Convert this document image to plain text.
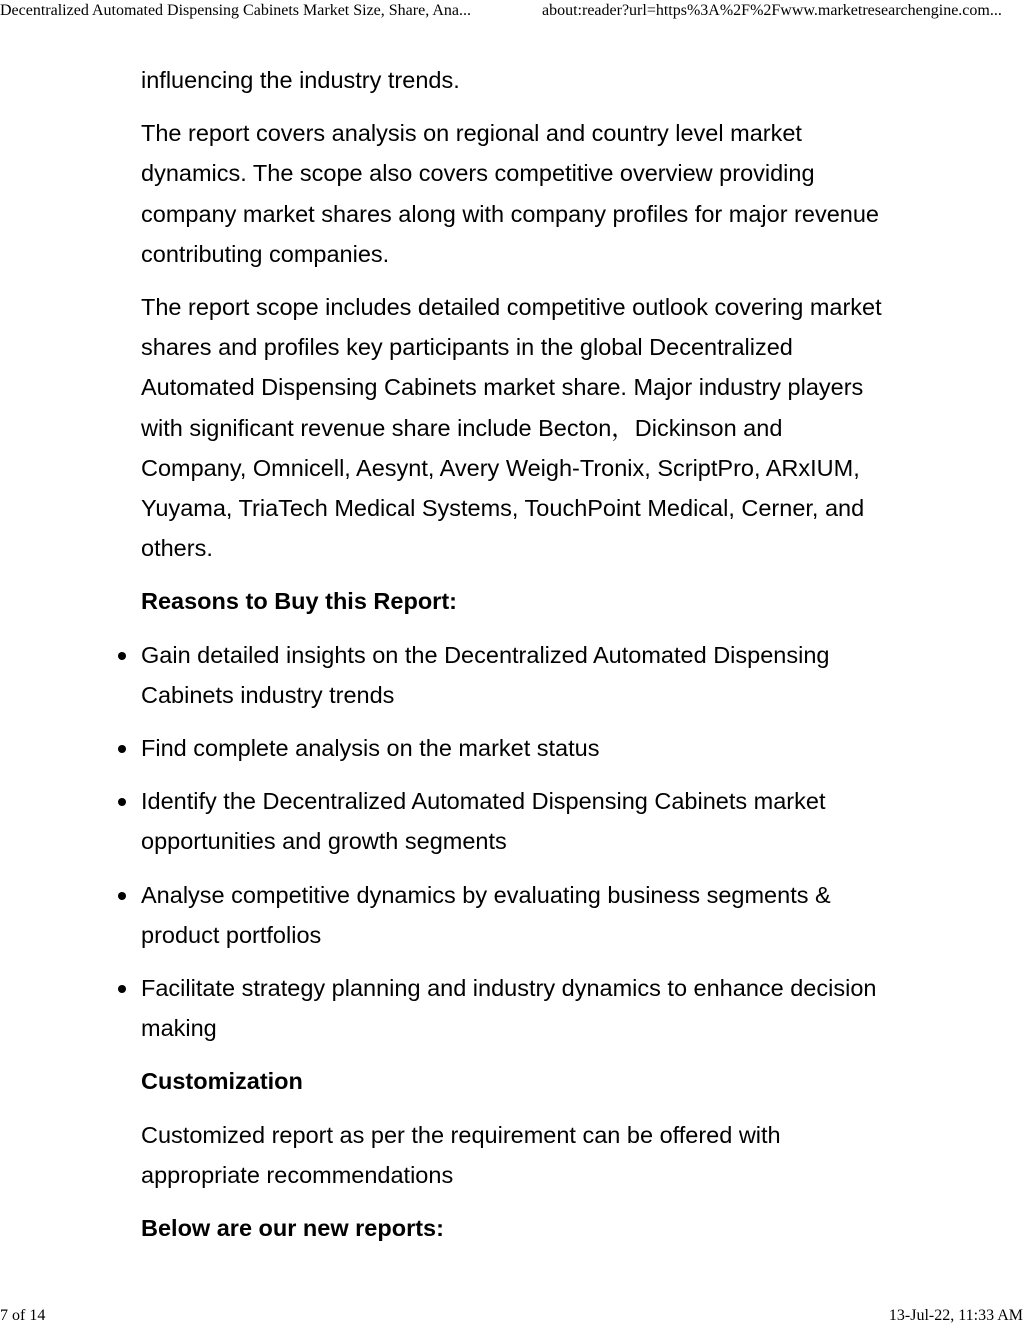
Decentralized Automated Dispensing Cabinets Market Size, Share, Ana...	about:reader?url=https%3A%2F%2Fwww.marketresearchengine.com...

influencing the industry trends.

The report covers analysis on regional and country level market dynamics. The scope also covers competitive overview providing company market shares along with company profiles for major revenue contributing companies.

The report scope includes detailed competitive outlook covering market shares and profiles key participants in the global Decentralized Automated Dispensing Cabinets market share. Major industry players with significant revenue share include Becton，Dickinson and Company, Omnicell, Aesynt, Avery Weigh-Tronix, ScriptPro, ARxIUM, Yuyama, TriaTech Medical Systems, TouchPoint Medical, Cerner, and others.

Reasons to Buy this Report:

Gain detailed insights on the Decentralized Automated Dispensing Cabinets industry trends
Find complete analysis on the market status
Identify the Decentralized Automated Dispensing Cabinets market opportunities and growth segments
Analyse competitive dynamics by evaluating business segments & product portfolios
Facilitate strategy planning and industry dynamics to enhance decision making

Customization

Customized report as per the requirement can be offered with appropriate recommendations

Below are our new reports:

7 of 14	13-Jul-22, 11:33 AM
